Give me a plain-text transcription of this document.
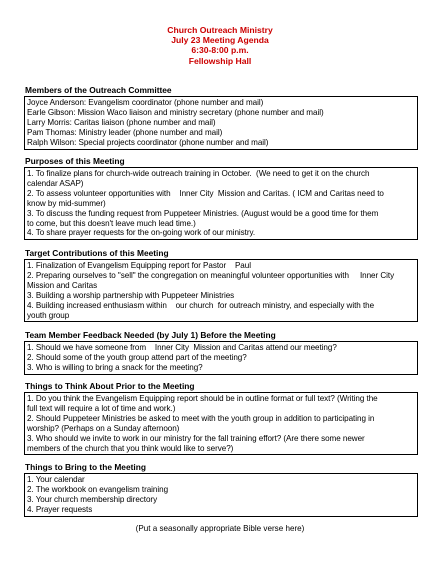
Church Outreach Ministry
July 23 Meeting Agenda
6:30-8:00 p.m.
Fellowship Hall
Members of the Outreach Committee
Joyce Anderson: Evangelism coordinator (phone number and mail)
Earle Gibson: Mission Waco liaison and ministry secretary (phone number and mail)
Larry Morris: Caritas liaison (phone number and mail)
Pam Thomas: Ministry leader (phone number and mail)
Ralph Wilson: Special projects coordinator (phone number and mail)
Purposes of this Meeting
1. To finalize plans for church-wide outreach training in October.  (We need to get it on the church
calendar ASAP)
2. To assess volunteer opportunities with    Inner City  Mission and Caritas. ( ICM and Caritas need to
know by mid-summer)
3. To discuss the funding request from Puppeteer Ministries. (August would be a good time for them
to come, but this doesn't leave much lead time.)
4. To share prayer requests for the on-going work of our ministry.
Target Contributions of this Meeting
1. Finalization of Evangelism Equipping report for Pastor    Paul
2. Preparing ourselves to "sell" the congregation on meaningful volunteer opportunities with     Inner City
Mission and Caritas
3. Building a worship partnership with Puppeteer Ministries
4. Building increased enthusiasm within    our church  for outreach ministry, and especially with the
youth group
Team Member Feedback Needed (by July 1) Before the Meeting
1. Should we have someone from    Inner City  Mission and Caritas attend our meeting?
2. Should some of the youth group attend part of the meeting?
3. Who is willing to bring a snack for the meeting?
Things to Think About Prior to the Meeting
1. Do you think the Evangelism Equipping report should be in outline format or full text? (Writing the
full text will require a lot of time and work.)
2. Should Puppeteer Ministries be asked to meet with the youth group in addition to participating in
worship? (Perhaps on a Sunday afternoon)
3. Who should we invite to work in our ministry for the fall training effort? (Are there some newer
members of the church that you think would like to serve?)
Things to Bring to the Meeting
1. Your calendar
2. The workbook on evangelism training
3. Your church membership directory
4. Prayer requests
(Put a seasonally appropriate Bible verse here)
